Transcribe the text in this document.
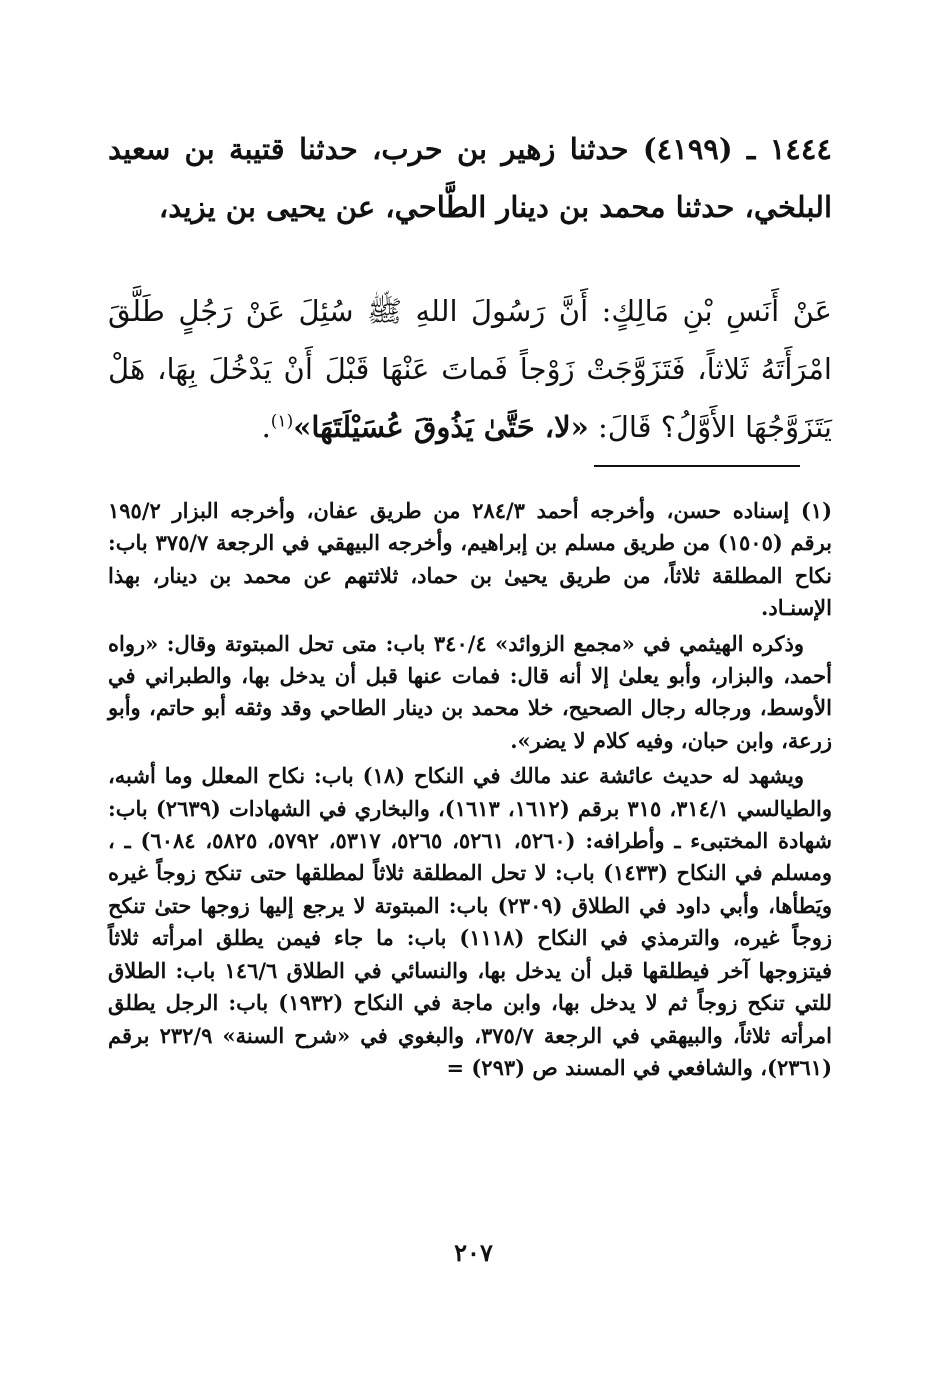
١٤٤٤ ـ (٤١٩٩) حدثنا زهير بن حرب، حدثنا قتيبة بن سعيد البلخي، حدثنا محمد بن دينار الطَّاحي، عن يحيى بن يزيد،
عَنْ أَنَسِ بْنِ مَالِكٍ: أَنَّ رَسُولَ اللهِ ﷺ سُئِلَ عَنْ رَجُلٍ طَلَّقَ امْرَأَتَهُ ثَلاثاً، فَتَزَوَّجَتْ زَوْجاً فَماتَ عَنْهَا قَبْلَ أَنْ يَدْخُلَ بِهَا، هَلْ يَتَزَوَّجُهَا الأَوَّلُ؟ قَالَ: «لا، حَتَّىٰ يَذُوقَ عُسَيْلَتَهَا»$^{(١)}$.

(١) إسناده حسن، وأخرجه أحمد ٢٨٤/٣ من طريق عفان، وأخرجه البزار ١٩٥/٢ برقم (١٥٠٥) من طريق مسلم بن إبراهيم، وأخرجه البيهقي في الرجعة ٣٧٥/٧ باب: نكاح المطلقة ثلاثاً، من طريق يحيىٰ بن حماد، ثلاثتهم عن محمد بن دينار، بهذا الإسنـاد.

وذكره الهيثمي في «مجمع الزوائد» ٣٤٠/٤ باب: متى تحل المبتوتة وقال: «رواه أحمد، والبزار، وأبو يعلىٰ إلا أنه قال: فمات عنها قبل أن يدخل بها، والطبراني في الأوسط، ورجاله رجال الصحيح، خلا محمد بن دينار الطاحي وقد وثقه أبو حاتم، وأبو زرعة، وابن حبان، وفيه كلام لا يضر».

ويشهد له حديث عائشة عند مالك في النكاح (١٨) باب: نكاح المعلل وما أشبه، والطيالسي ٣١٤/١، ٣١٥ برقم (١٦١٢، ١٦١٣)، والبخاري في الشهادات (٢٦٣٩) باب: شهادة المختبىء ـ وأطرافه: (٥٢٦٠، ٥٢٦١، ٥٢٦٥، ٥٣١٧، ٥٧٩٢، ٥٨٢٥، ٦٠٨٤) ـ ، ومسلم في النكاح (١٤٣٣) باب: لا تحل المطلقة ثلاثاً لمطلقها حتى تنكح زوجاً غيره ويَطأها، وأبي داود في الطلاق (٢٣٠٩) باب: المبتوتة لا يرجع إليها زوجها حتىٰ تنكح زوجاً غيره، والترمذي في النكاح (١١١٨) باب: ما جاء فيمن يطلق امرأته ثلاثاً فيتزوجها آخر فيطلقها قبل أن يدخل بها، والنسائي في الطلاق ١٤٦/٦ باب: الطلاق للتي تنكح زوجاً ثم لا يدخل بها، وابن ماجة في النكاح (١٩٣٢) باب: الرجل يطلق امرأته ثلاثاً، والبيهقي في الرجعة ٣٧٥/٧، والبغوي في «شرح السنة» ٢٣٢/٩ برقم (٢٣٦١)، والشافعي في المسند ص (٢٩٣) =

٢٠٧
